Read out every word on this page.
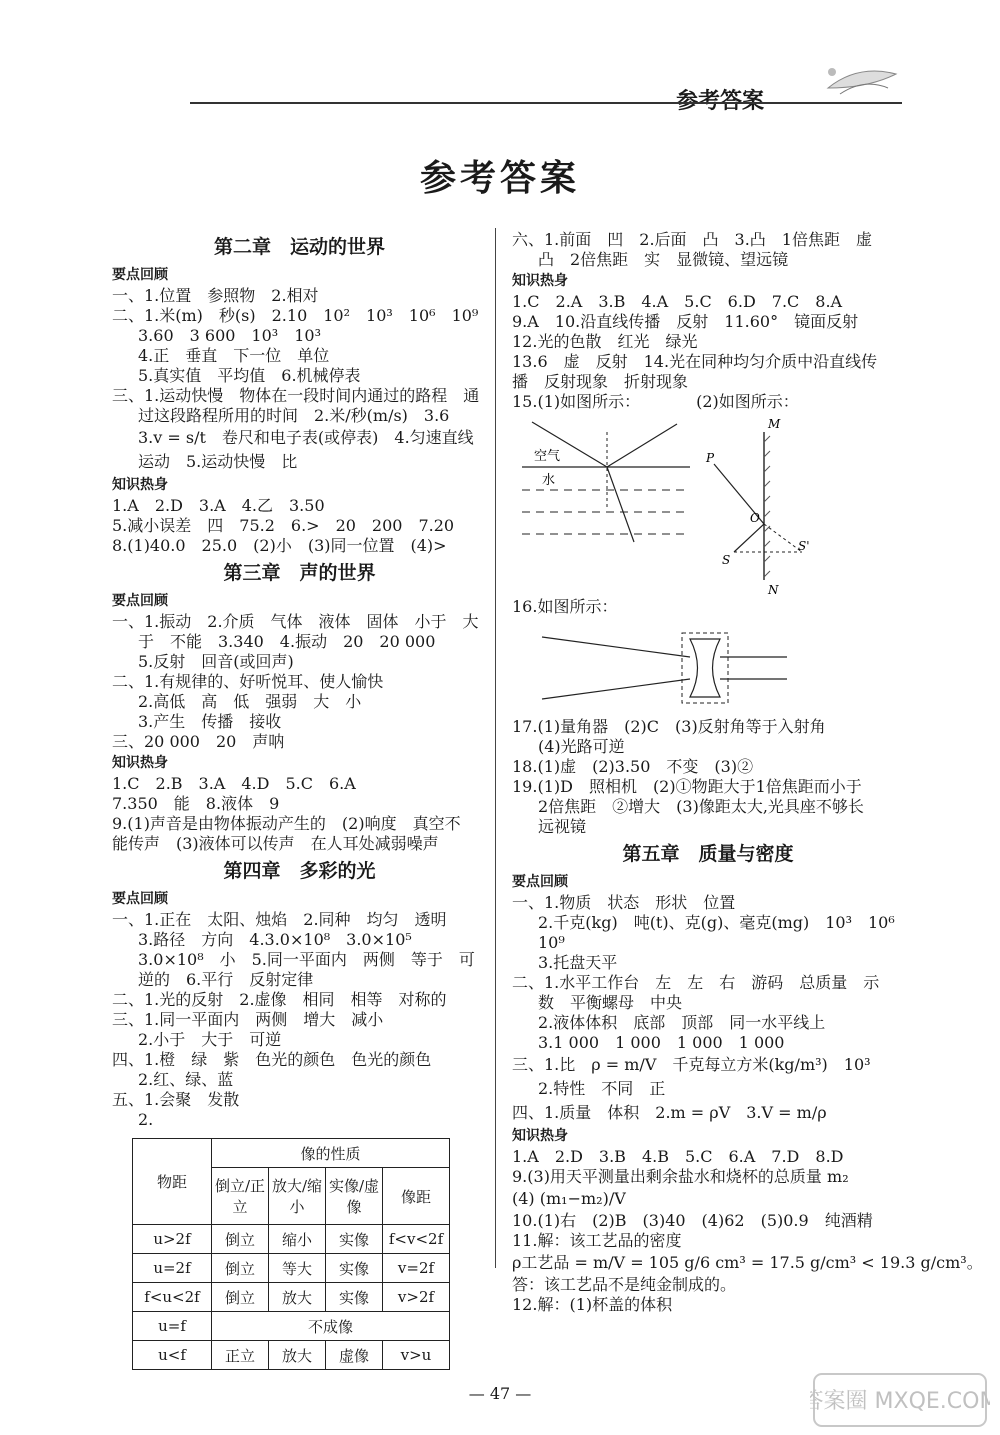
参考答案
参考答案
第二章　运动的世界
要点回顾
一、1.位置　参照物　2.相对
二、1.米(m)　秒(s)　2.10　10²　10³　10⁶　10⁹
3.60　3 600　10³　10³
4.正　垂直　下一位　单位
5.真实值　平均值　6.机械停表
三、1.运动快慢　物体在一段时间内通过的路程　通
过这段路程所用的时间　2.米/秒(m/s)　3.6
3.v = s/t　卷尺和电子表(或停表)　4.匀速直线
运动　5.运动快慢　比
知识热身
1.A　2.D　3.A　4.乙　3.50
5.减小误差　四　75.2　6.>　20　200　7.20
8.(1)40.0　25.0　(2)小　(3)同一位置　(4)>
第三章　声的世界
要点回顾
一、1.振动　2.介质　气体　液体　固体　小于　大
于　不能　3.340　4.振动　20　20 000
5.反射　回音(或回声)
二、1.有规律的、好听悦耳、使人愉快
2.高低　高　低　强弱　大　小
3.产生　传播　接收
三、20 000　20　声呐
知识热身
1.C　2.B　3.A　4.D　5.C　6.A
7.350　能　8.液体　9
9.(1)声音是由物体振动产生的　(2)响度　真空不
能传声　(3)液体可以传声　在人耳处减弱噪声
第四章　多彩的光
要点回顾
一、1.正在　太阳、烛焰　2.同种　均匀　透明
3.路径　方向　4.3.0×10⁸　3.0×10⁵
3.0×10⁸　小　5.同一平面内　两侧　等于　可
逆的　6.平行　反射定律
二、1.光的反射　2.虚像　相同　相等　对称的
三、1.同一平面内　两侧　增大　减小
2.小于　大于　可逆
四、1.橙　绿　紫　色光的颜色　色光的颜色
2.红、绿、蓝
五、1.会聚　发散
2.
物距	像的性质			
	倒立/正立	放大/缩小	实像/虚像	像距
u>2f	倒立	缩小	实像	f<v<2f
u=2f	倒立	等大	实像	v=2f
f<u<2f	倒立	放大	实像	v>2f
u=f	不成像			
u<f	正立	放大	虚像	v>u
六、1.前面　凹　2.后面　凸　3.凸　1倍焦距　虚
凸　2倍焦距　实　显微镜、望远镜
知识热身
1.C　2.A　3.B　4.A　5.C　6.D　7.C　8.A
9.A　10.沿直线传播　反射　11.60°　镜面反射
12.光的色散　红光　绿光
13.6　虚　反射　14.光在同种均匀介质中沿直线传
播　反射现象　折射现象
15.(1)如图所示：　　　　(2)如图所示：
空气
水
M
N
P
O
S
S'
16.如图所示：
17.(1)量角器　(2)C　(3)反射角等于入射角
(4)光路可逆
18.(1)虚　(2)3.50　不变　(3)②
19.(1)D　照相机　(2)①物距大于1倍焦距而小于
2倍焦距　②增大　(3)像距太大,光具座不够长
远视镜
第五章　质量与密度
要点回顾
一、1.物质　状态　形状　位置
2.千克(kg)　吨(t)、克(g)、毫克(mg)　10³　10⁶
10⁹
3.托盘天平
二、1.水平工作台　左　左　右　游码　总质量　示
数　平衡螺母　中央
2.液体体积　底部　顶部　同一水平线上
3.1 000　1 000　1 000　1 000
三、1.比　ρ = m/V　千克每立方米(kg/m³)　10³
2.特性　不同　正
四、1.质量　体积　2.m = ρV　3.V = m/ρ
知识热身
1.A　2.D　3.B　4.B　5.C　6.A　7.D　8.D
9.(3)用天平测量出剩余盐水和烧杯的总质量 m₂
(4) (m₁−m₂)/V
10.(1)右　(2)B　(3)40　(4)62　(5)0.9　纯酒精
11.解：该工艺品的密度
ρ工艺品 = m/V = 105 g/6 cm³ = 17.5 g/cm³ < 19.3 g/cm³。
答：该工艺品不是纯金制成的。
12.解：(1)杯盖的体积
— 47 —	答案圈 MXQE.COM
